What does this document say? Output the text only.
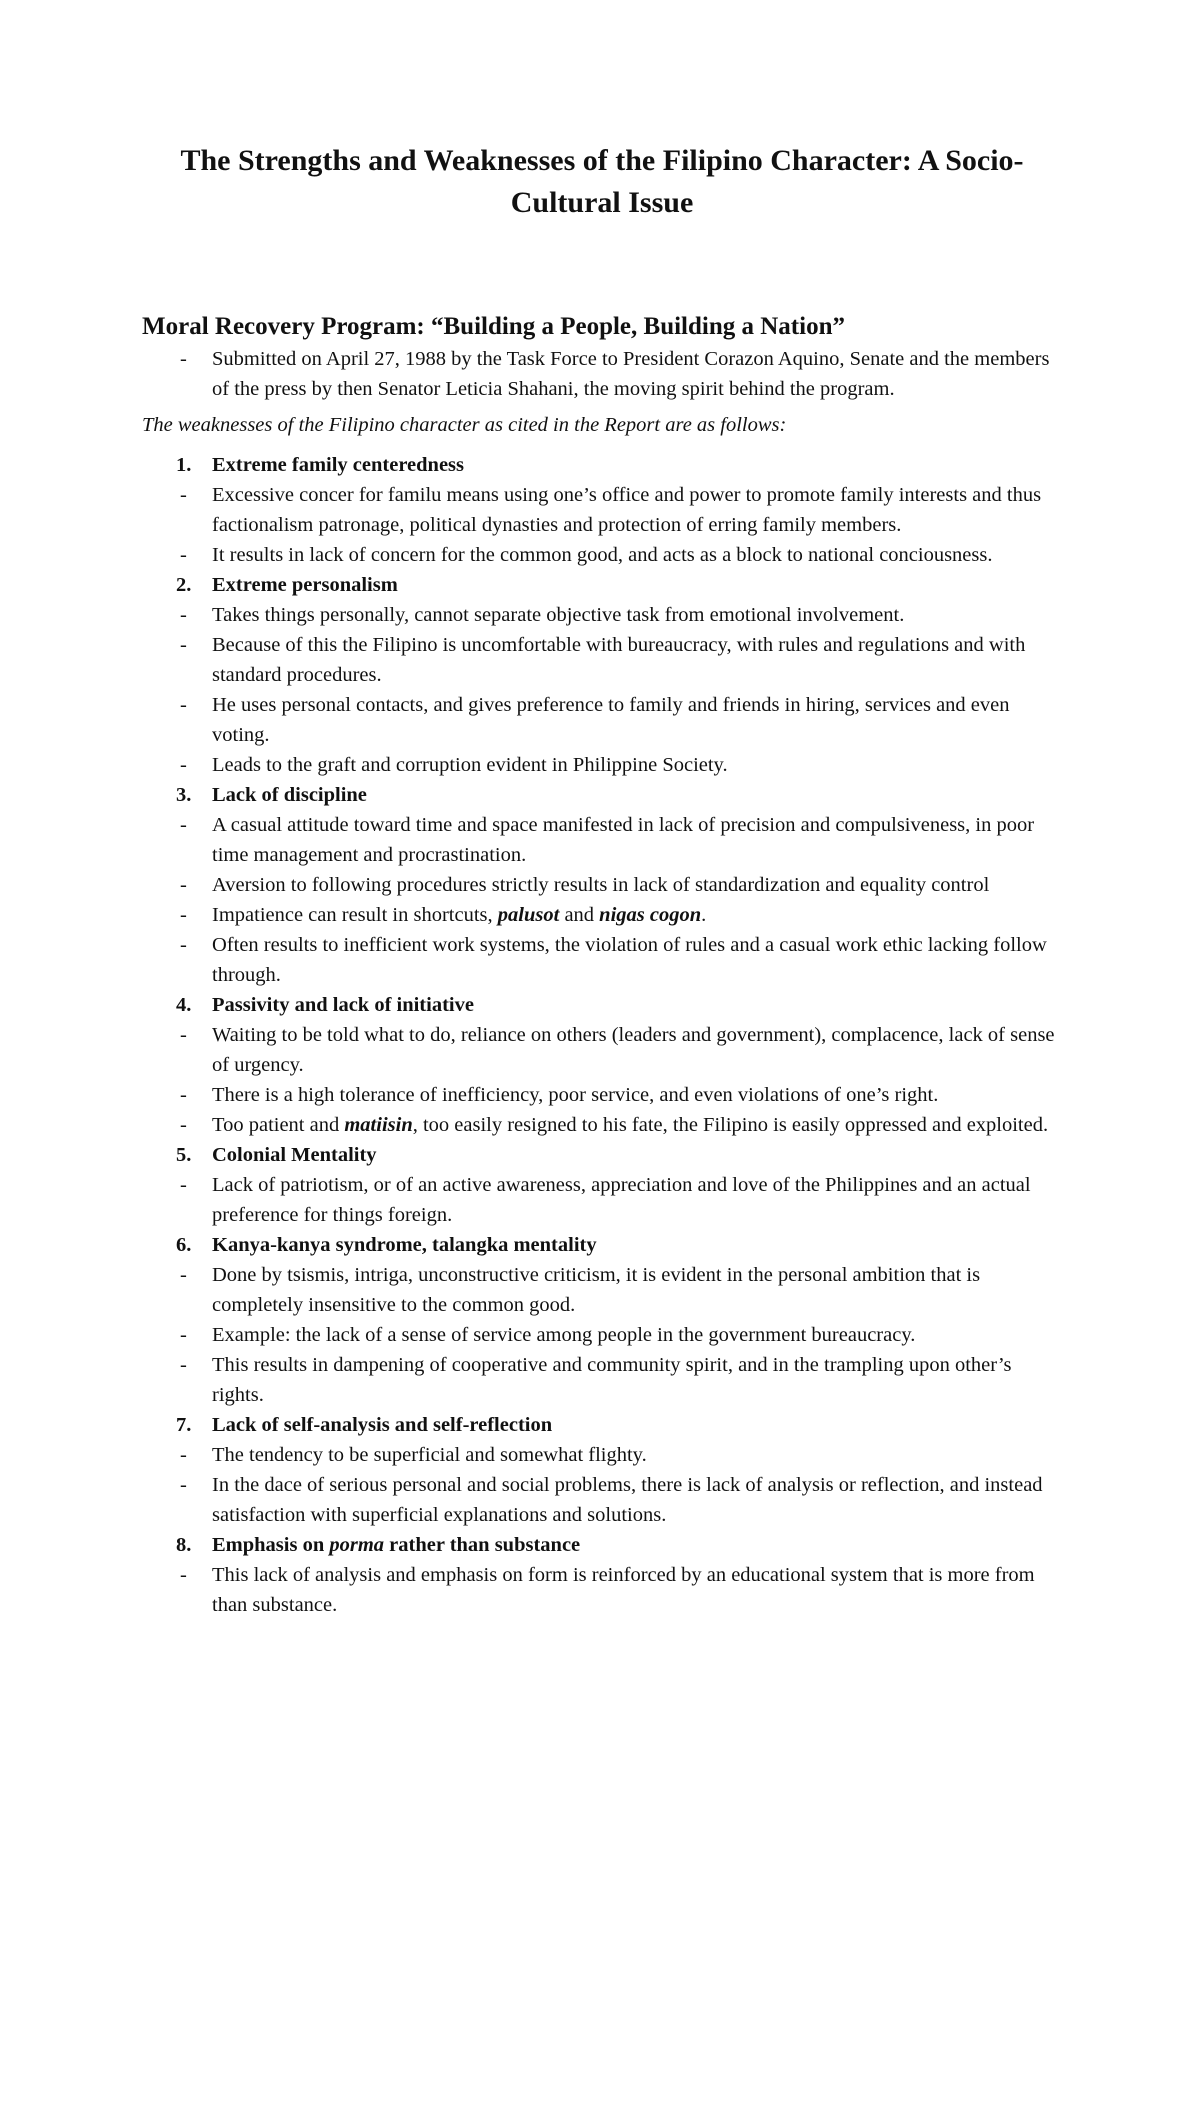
The Strengths and Weaknesses of the Filipino Character: A Socio-Cultural Issue
Moral Recovery Program: “Building a People, Building a Nation”
- Submitted on April 27, 1988 by the Task Force to President Corazon Aquino, Senate and the members of the press by then Senator Leticia Shahani, the moving spirit behind the program.

The weaknesses of the Filipino character as cited in the Report are as follows:

1. Extreme family centeredness
- Excessive concer for familu means using one’s office and power to promote family interests and thus factionalism patronage, political dynasties and protection of erring family members.
- It results in lack of concern for the common good, and acts as a block to national conciousness.
2. Extreme personalism
- Takes things personally, cannot separate objective task from emotional involvement.
- Because of this the Filipino is uncomfortable with bureaucracy, with rules and regulations and with standard procedures.
- He uses personal contacts, and gives preference to family and friends in hiring, services and even voting.
- Leads to the graft and corruption evident in Philippine Society.
3. Lack of discipline
- A casual attitude toward time and space manifested in lack of precision and compulsiveness, in poor time management and procrastination.
- Aversion to following procedures strictly results in lack of standardization and equality control
- Impatience can result in shortcuts, palusot and nigas cogon.
- Often results to inefficient work systems, the violation of rules and a casual work ethic lacking follow through.
4. Passivity and lack of initiative
- Waiting to be told what to do, reliance on others (leaders and government), complacence, lack of sense of urgency.
- There is a high tolerance of inefficiency, poor service, and even violations of one’s right.
- Too patient and matiisin, too easily resigned to his fate, the Filipino is easily oppressed and exploited.
5. Colonial Mentality
- Lack of patriotism, or of an active awareness, appreciation and love of the Philippines and an actual preference for things foreign.
6. Kanya-kanya syndrome, talangka mentality
- Done by tsismis, intriga, unconstructive criticism, it is evident in the personal ambition that is completely insensitive to the common good.
- Example: the lack of a sense of service among people in the government bureaucracy.
- This results in dampening of cooperative and community spirit, and in the trampling upon other’s rights.
7. Lack of self-analysis and self-reflection
- The tendency to be superficial and somewhat flighty.
- In the dace of serious personal and social problems, there is lack of analysis or reflection, and instead satisfaction with superficial explanations and solutions.
8. Emphasis on porma rather than substance
- This lack of analysis and emphasis on form is reinforced by an educational system that is more from than substance.
